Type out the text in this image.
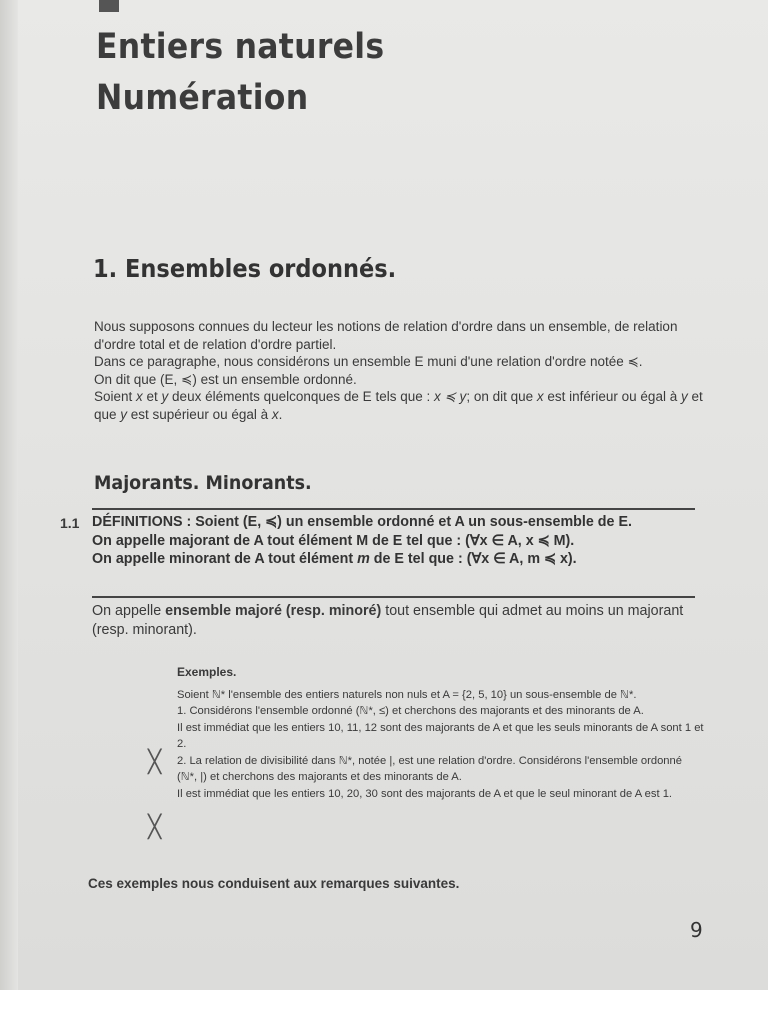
Entiers naturels
Numération
1. Ensembles ordonnés.

Nous supposons connues du lecteur les notions de relation d'ordre dans un ensemble, de relation d'ordre total et de relation d'ordre partiel.

Dans ce paragraphe, nous considérons un ensemble E muni d'une relation d'ordre notée ≼.

On dit que (E, ≼) est un ensemble ordonné.

Soient x et y deux éléments quelconques de E tels que : x ≼ y; on dit que x est inférieur ou égal à y et que y est supérieur ou égal à x.

Majorants. Minorants.
1.1 DÉFINITIONS : Soient (E, ≼) un ensemble ordonné et A un sous-ensemble de E.

On appelle majorant de A tout élément M de E tel que : (∀x ∈ A, x ≼ M).

On appelle minorant de A tout élément m de E tel que : (∀x ∈ A, m ≼ x).

On appelle ensemble majoré (resp. minoré) tout ensemble qui admet au moins un majorant (resp. minorant).

Exemples.

Soient ℕ* l'ensemble des entiers naturels non nuls et A = {2, 5, 10} un sous-ensemble de ℕ*.

1. Considérons l'ensemble ordonné (ℕ*, ≤) et cherchons des majorants et des minorants de A.

Il est immédiat que les entiers 10, 11, 12 sont des majorants de A et que les seuls minorants de A sont 1 et 2.

2. La relation de divisibilité dans ℕ*, notée |, est une relation d'ordre. Considérons l'ensemble ordonné (ℕ*, |) et cherchons des majorants et des minorants de A.

Il est immédiat que les entiers 10, 20, 30 sont des majorants de A et que le seul minorant de A est 1.

╳
╳
Ces exemples nous conduisent aux remarques suivantes.
9
